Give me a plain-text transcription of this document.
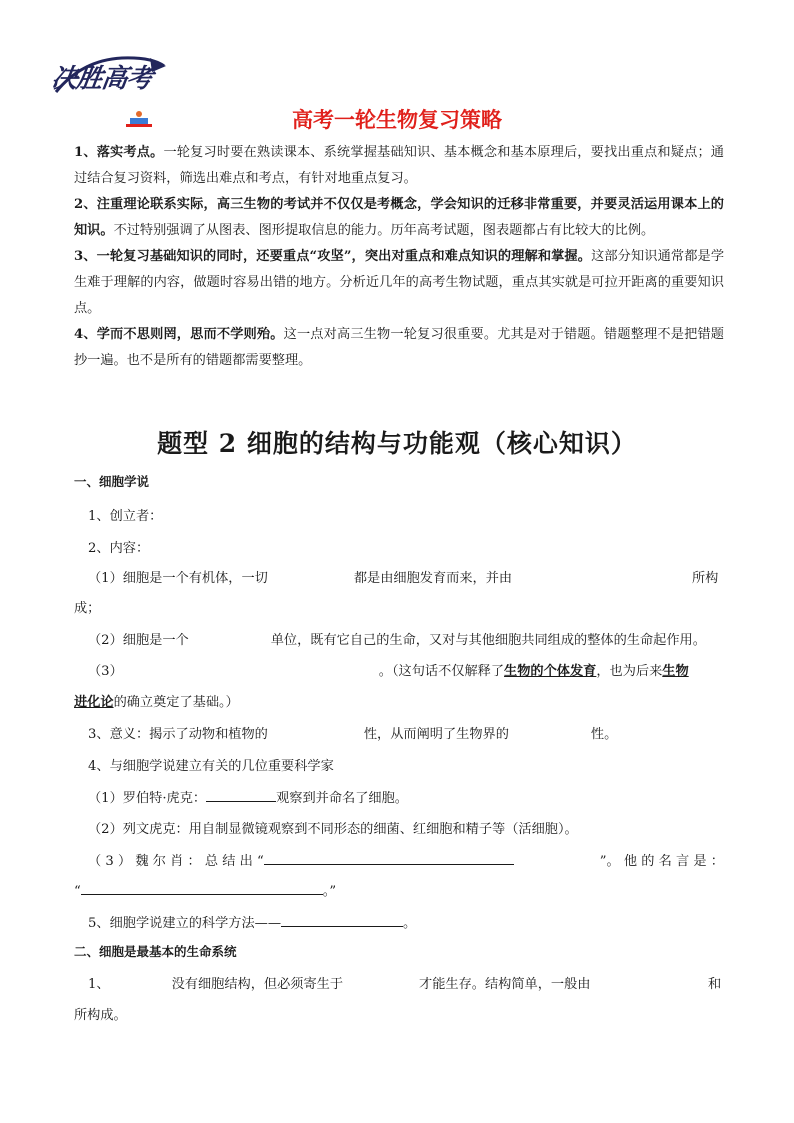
决胜高考
高考一轮生物复习策略

1、落实考点。一轮复习时要在熟读课本、系统掌握基础知识、基本概念和基本原理后，要找出重点和疑点；通过结合复习资料，筛选出难点和考点，有针对地重点复习。

2、注重理论联系实际，高三生物的考试并不仅仅是考概念，学会知识的迁移非常重要，并要灵活运用课本上的知识。不过特别强调了从图表、图形提取信息的能力。历年高考试题，图表题都占有比较大的比例。

3、一轮复习基础知识的同时，还要重点“攻坚”，突出对重点和难点知识的理解和掌握。这部分知识通常都是学生难于理解的内容，做题时容易出错的地方。分析近几年的高考生物试题，重点其实就是可拉开距离的重要知识点。

4、学而不思则罔，思而不学则殆。这一点对高三生物一轮复习很重要。尤其是对于错题。错题整理不是把错题抄一遍。也不是所有的错题都需要整理。

题型 2 细胞的结构与功能观（核心知识）
一、细胞学说
1、创立者：
2、内容：
（1）细胞是一个有机体，一切	都是由细胞发育而来，并由	所构
成；
（2）细胞是一个	单位，既有它自己的生命，又对与其他细胞共同组成的整体的生命起作用。
（3）	。（这句话不仅解释了生物的个体发育，也为后来生物
进化论的确立奠定了基础。）
3、意义：揭示了动物和植物的	性，从而阐明了生物界的	性。
4、与细胞学说建立有关的几位重要科学家
（1）罗伯特·虎克：	观察到并命名了细胞。
（2）列文虎克：用自制显微镜观察到不同形态的细菌、红细胞和精子等（活细胞）。
（ 3 ） 魏 尔 肖 ： 总 结 出 “	”。 他 的 名 言 是 ：
“	。”
5、细胞学说建立的科学方法——	。
二、细胞是最基本的生命系统
1、	没有细胞结构，但必须寄生于	才能生存。结构简单，一般由	和
所构成。
